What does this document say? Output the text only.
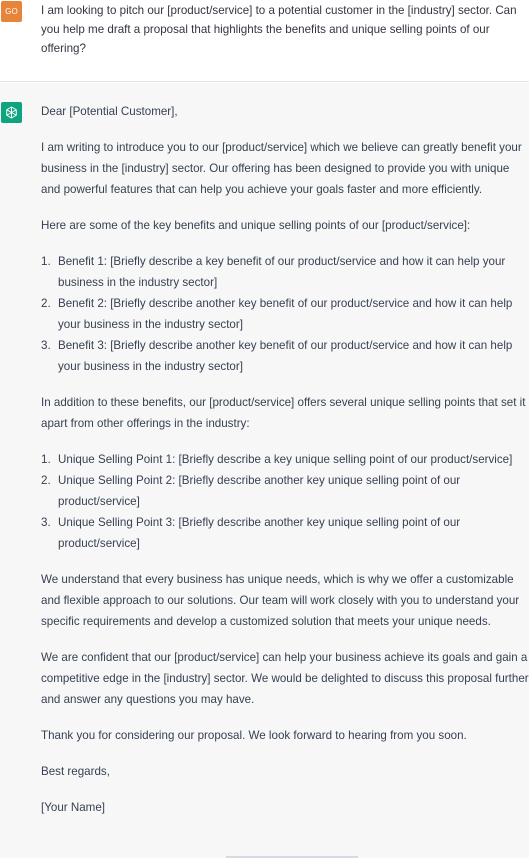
GO	I am looking to pitch our [product/service] to a potential customer in the [industry] sector. Can you help me draft a proposal that highlights the benefits and unique selling points of our offering?

Dear [Potential Customer],

I am writing to introduce you to our [product/service] which we believe can greatly benefit your business in the [industry] sector. Our offering has been designed to provide you with unique and powerful features that can help you achieve your goals faster and more efficiently.

Here are some of the key benefits and unique selling points of our [product/service]:

1. Benefit 1: [Briefly describe a key benefit of our product/service and how it can help your business in the industry sector]
2. Benefit 2: [Briefly describe another key benefit of our product/service and how it can help your business in the industry sector]
3. Benefit 3: [Briefly describe another key benefit of our product/service and how it can help your business in the industry sector]

In addition to these benefits, our [product/service] offers several unique selling points that set it apart from other offerings in the industry:

1. Unique Selling Point 1: [Briefly describe a key unique selling point of our product/service]
2. Unique Selling Point 2: [Briefly describe another key unique selling point of our product/service]
3. Unique Selling Point 3: [Briefly describe another key unique selling point of our product/service]

We understand that every business has unique needs, which is why we offer a customizable and flexible approach to our solutions. Our team will work closely with you to understand your specific requirements and develop a customized solution that meets your unique needs.

We are confident that our [product/service] can help your business achieve its goals and gain a competitive edge in the [industry] sector. We would be delighted to discuss this proposal further and answer any questions you may have.

Thank you for considering our proposal. We look forward to hearing from you soon.

Best regards,

[Your Name]
